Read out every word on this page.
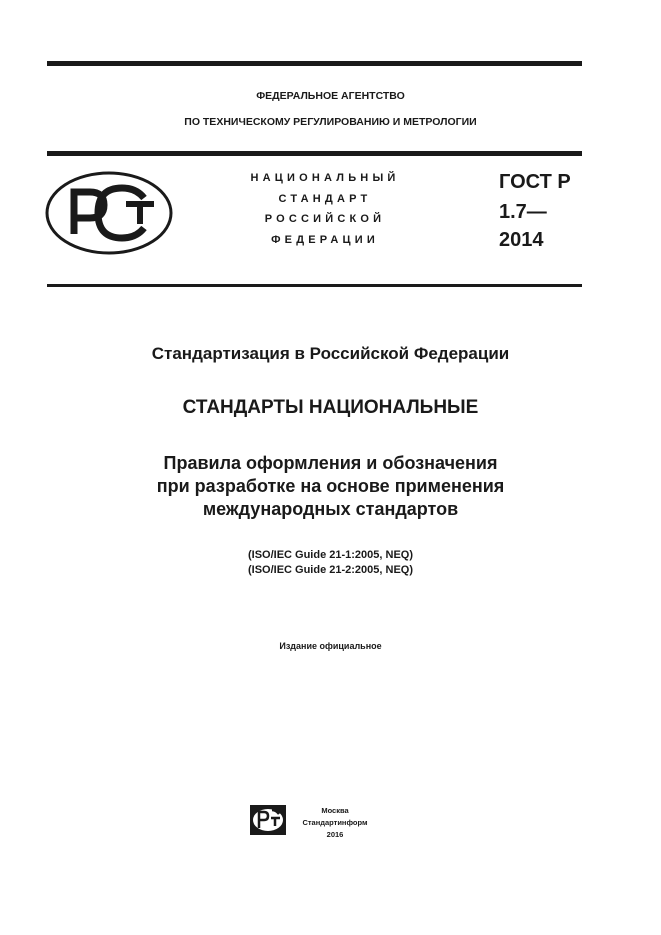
ФЕДЕРАЛЬНОЕ АГЕНТСТВО
ПО ТЕХНИЧЕСКОМУ РЕГУЛИРОВАНИЮ И МЕТРОЛОГИИ
НАЦИОНАЛЬНЫЙ
СТАНДАРТ
РОССИЙСКОЙ
ФЕДЕРАЦИИ
ГОСТ Р
1.7—
2014
Стандартизация в Российской Федерации
СТАНДАРТЫ НАЦИОНАЛЬНЫЕ
Правила оформления и обозначения
при разработке на основе применения
международных стандартов
(ISO/IEC Guide 21-1:2005, NEQ)
(ISO/IEC Guide 21-2:2005, NEQ)
Издание официальное
Москва
Стандартинформ
2016
